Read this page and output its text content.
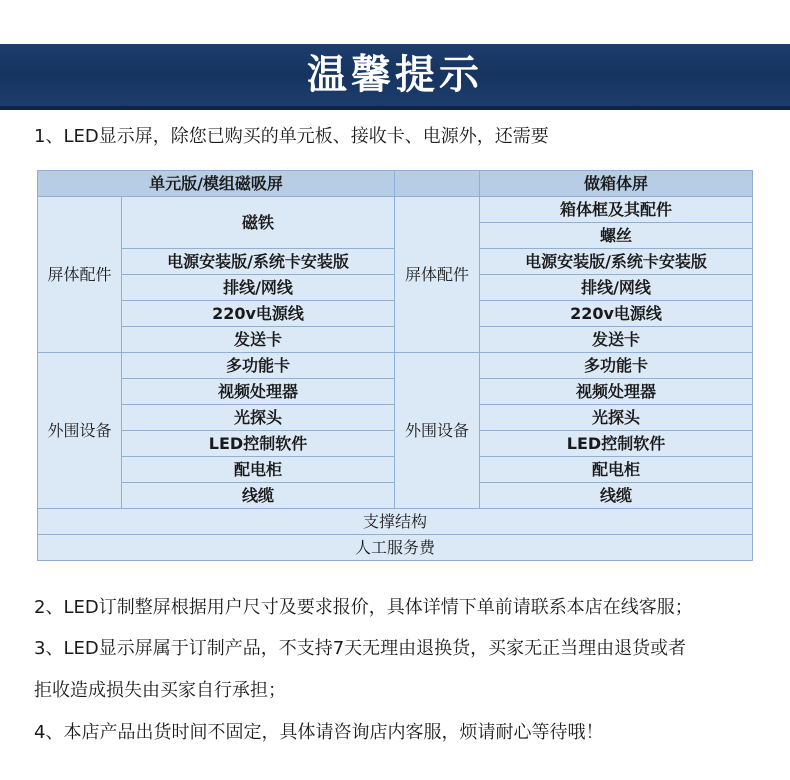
温馨提示
1、LED显示屏，除您已购买的单元板、接收卡、电源外，还需要
单元版/模组磁吸屏			做箱体屏
屏体配件	磁铁	屏体配件	箱体框及其配件
			螺丝
	电源安装版/系统卡安装版		电源安装版/系统卡安装版
	排线/网线		排线/网线
	220v电源线		220v电源线
	发送卡		发送卡
外围设备	多功能卡	外围设备	多功能卡
	视频处理器		视频处理器
	光探头		光探头
	LED控制软件		LED控制软件
	配电柜		配电柜
	线缆		线缆
支撑结构			
人工服务费			
2、LED订制整屏根据用户尺寸及要求报价，具体详情下单前请联系本店在线客服；
3、LED显示屏属于订制产品，不支持7天无理由退换货，买家无正当理由退货或者
拒收造成损失由买家自行承担；
4、本店产品出货时间不固定，具体请咨询店内客服，烦请耐心等待哦！
